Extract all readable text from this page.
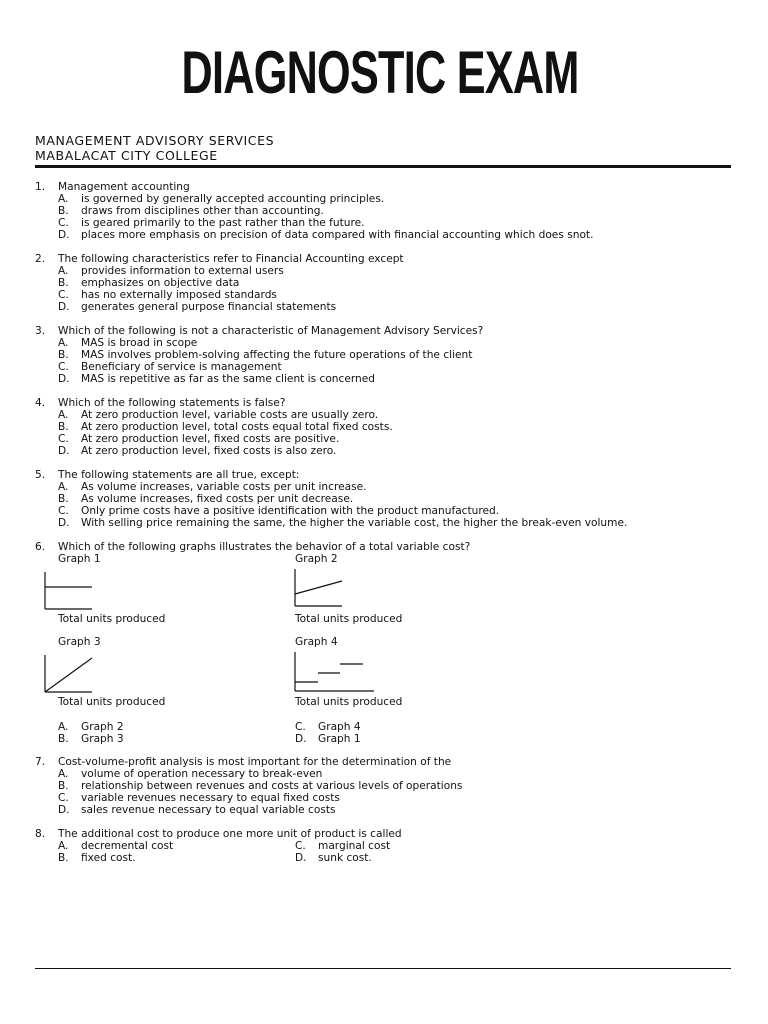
DIAGNOSTIC EXAM
MANAGEMENT ADVISORY SERVICES
MABALACAT CITY COLLEGE
1. Management accounting
A. is governed by generally accepted accounting principles.
B. draws from disciplines other than accounting.
C. is geared primarily to the past rather than the future.
D. places more emphasis on precision of data compared with financial accounting which does snot.
2. The following characteristics refer to Financial Accounting except
A. provides information to external users
B. emphasizes on objective data
C. has no externally imposed standards
D. generates general purpose financial statements
3. Which of the following is not a characteristic of Management Advisory Services?
A. MAS is broad in scope
B. MAS involves problem-solving affecting the future operations of the client
C. Beneficiary of service is management
D. MAS is repetitive as far as the same client is concerned
4. Which of the following statements is false?
A. At zero production level, variable costs are usually zero.
B. At zero production level, total costs equal total fixed costs.
C. At zero production level, fixed costs are positive.
D. At zero production level, fixed costs is also zero.
5. The following statements are all true, except:
A. As volume increases, variable costs per unit increase.
B. As volume increases, fixed costs per unit decrease.
C. Only prime costs have a positive identification with the product manufactured.
D. With selling price remaining the same, the higher the variable cost, the higher the break-even volume.
6. Which of the following graphs illustrates the behavior of a total variable cost?
Graph 1
Total units produced
Graph 2
Total units produced
Graph 3
Total units produced
Graph 4
Total units produced
A. Graph 2
B. Graph 3
C. Graph 4
D. Graph 1
7. Cost-volume-profit analysis is most important for the determination of the
A. volume of operation necessary to break-even
B. relationship between revenues and costs at various levels of operations
C. variable revenues necessary to equal fixed costs
D. sales revenue necessary to equal variable costs
8. The additional cost to produce one more unit of product is called
A. decremental cost
B. fixed cost.
C. marginal cost
D. sunk cost.
